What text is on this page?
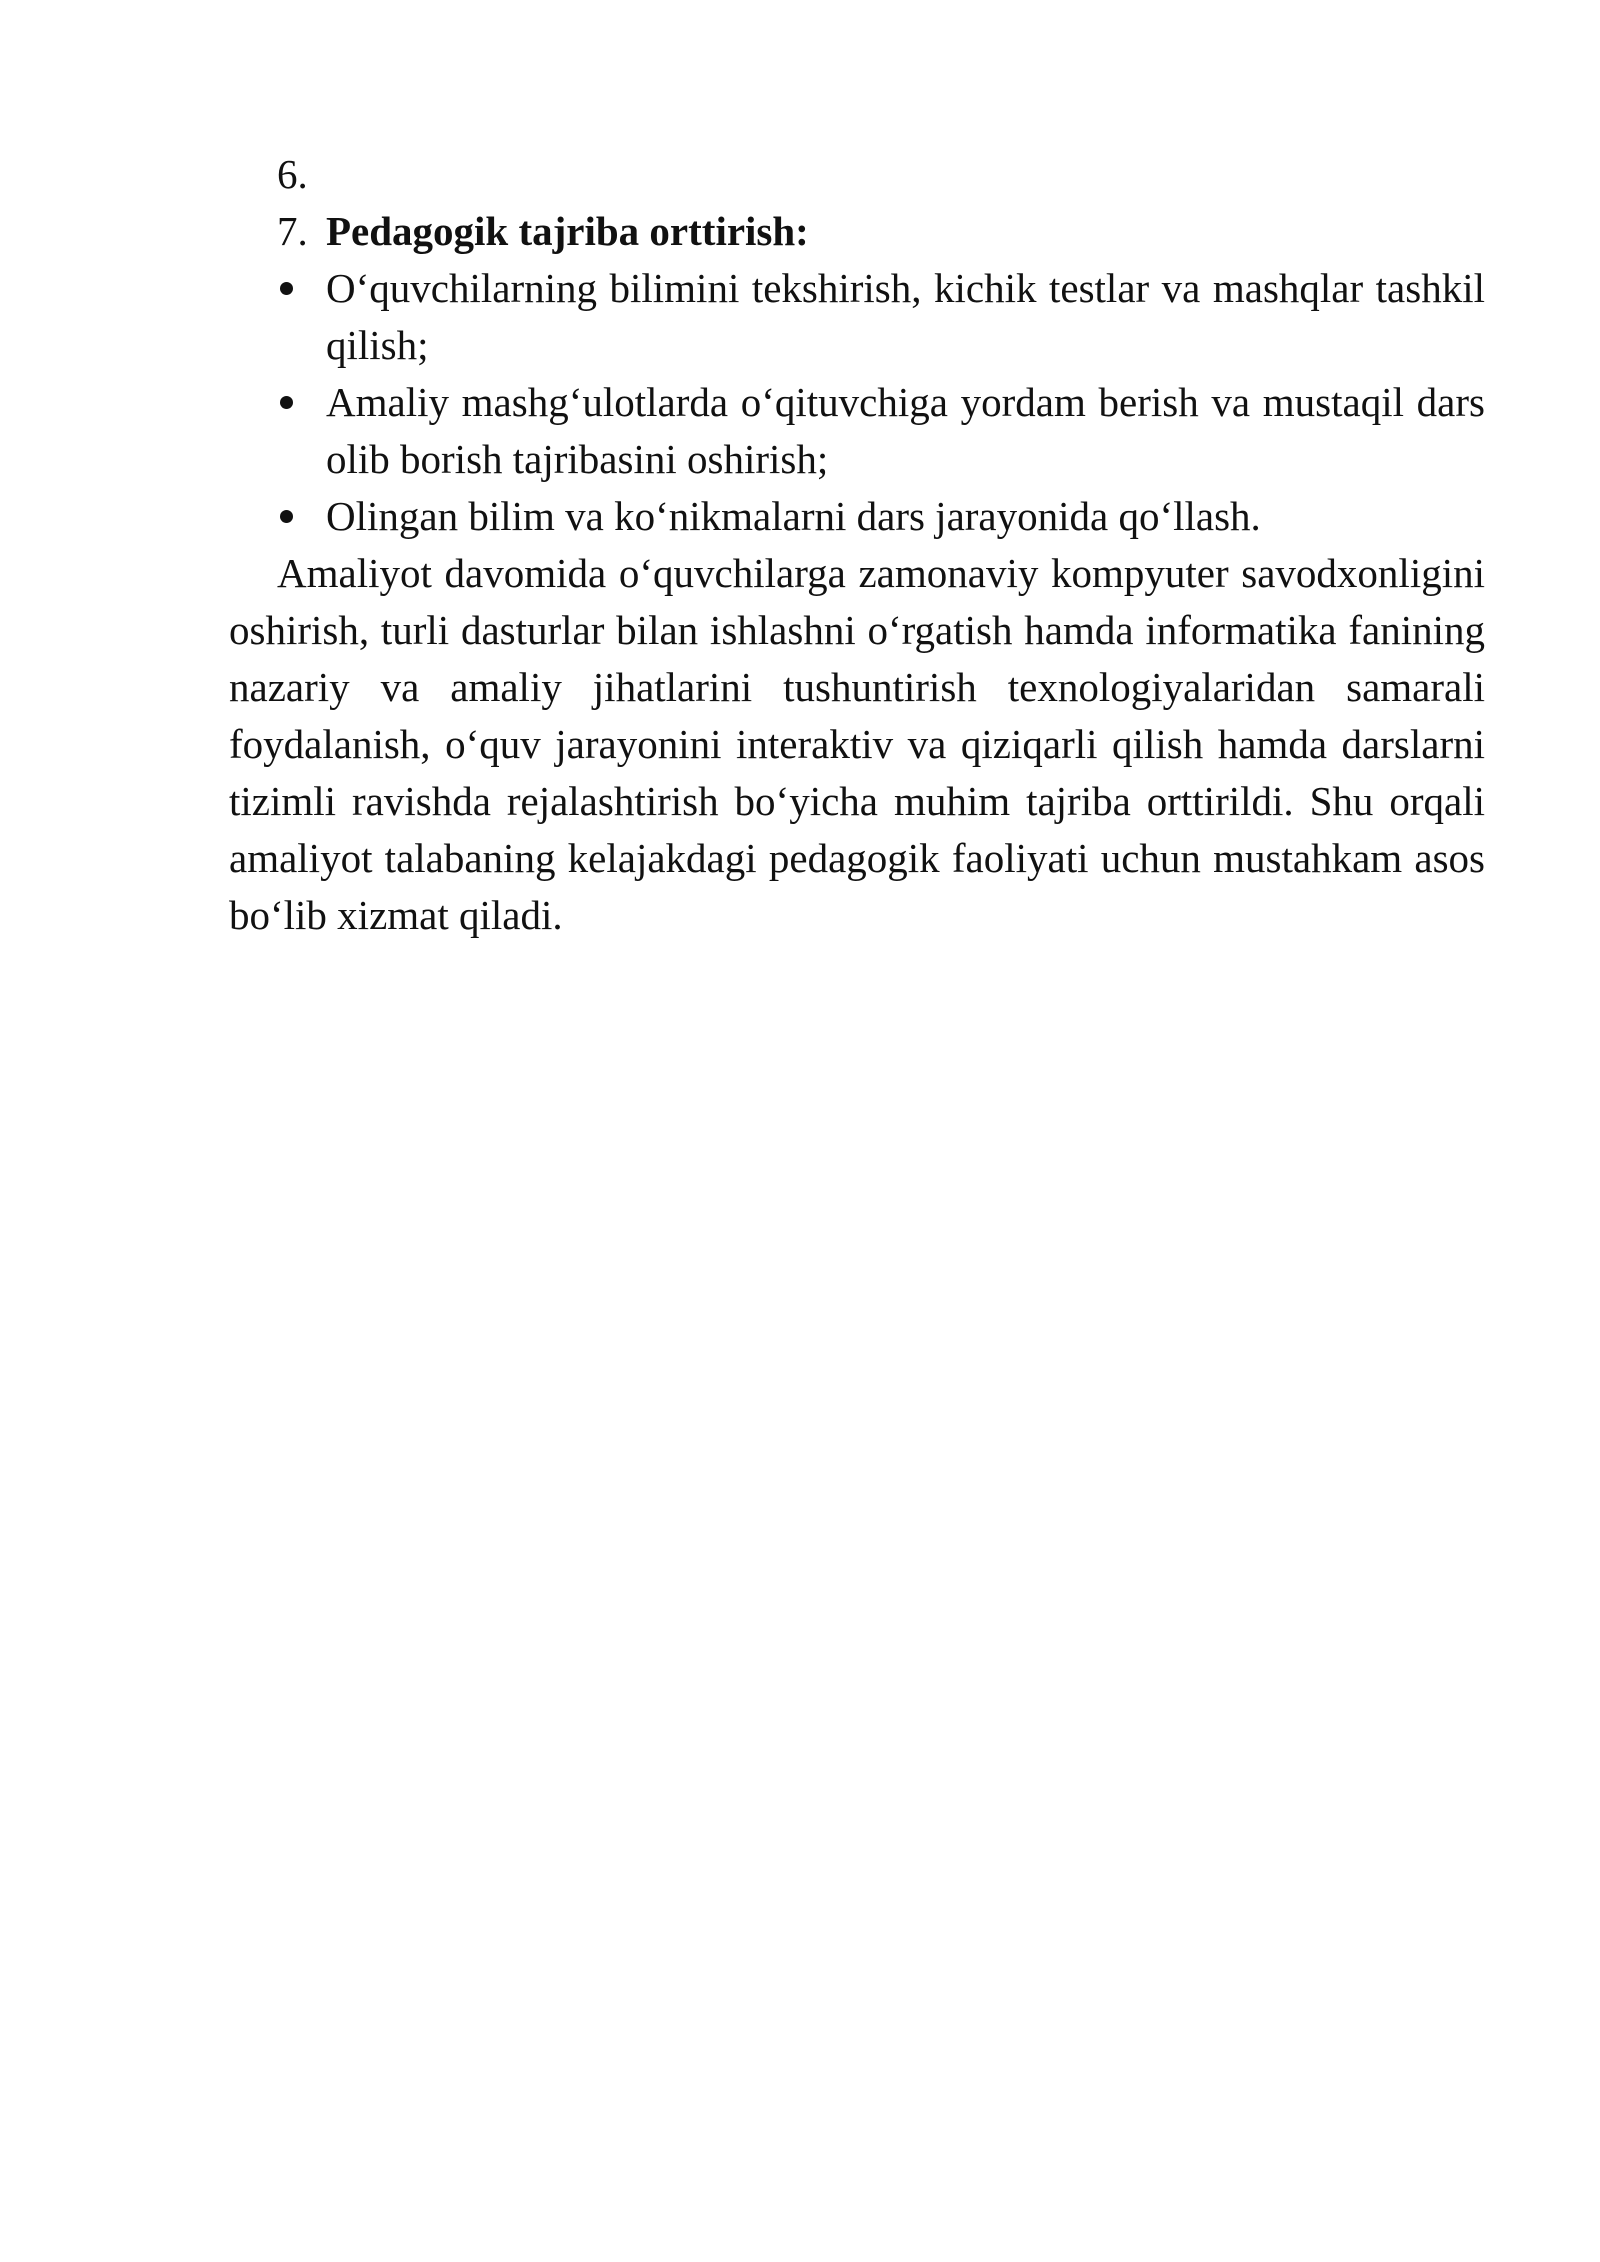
6.
7. Pedagogik tajriba orttirish:
O‘quvchilarning bilimini tekshirish, kichik testlar va mashqlar tashkil qilish;
Amaliy mashg‘ulotlarda o‘qituvchiga yordam berish va mustaqil dars olib borish tajribasini oshirish;
Olingan bilim va ko‘nikmalarni dars jarayonida qo‘llash.

Amaliyot davomida o‘quvchilarga zamonaviy kompyuter savodxonligini oshirish, turli dasturlar bilan ishlashni o‘rgatish hamda informatika fanining nazariy va amaliy jihatlarini tushuntirish texnologiyalaridan samarali foydalanish, o‘quv jarayonini interaktiv va qiziqarli qilish hamda darslarni tizimli ravishda rejalashtirish bo‘yicha muhim tajriba orttirildi. Shu orqali amaliyot talabaning kelajakdagi pedagogik faoliyati uchun mustahkam asos bo‘lib xizmat qiladi.
